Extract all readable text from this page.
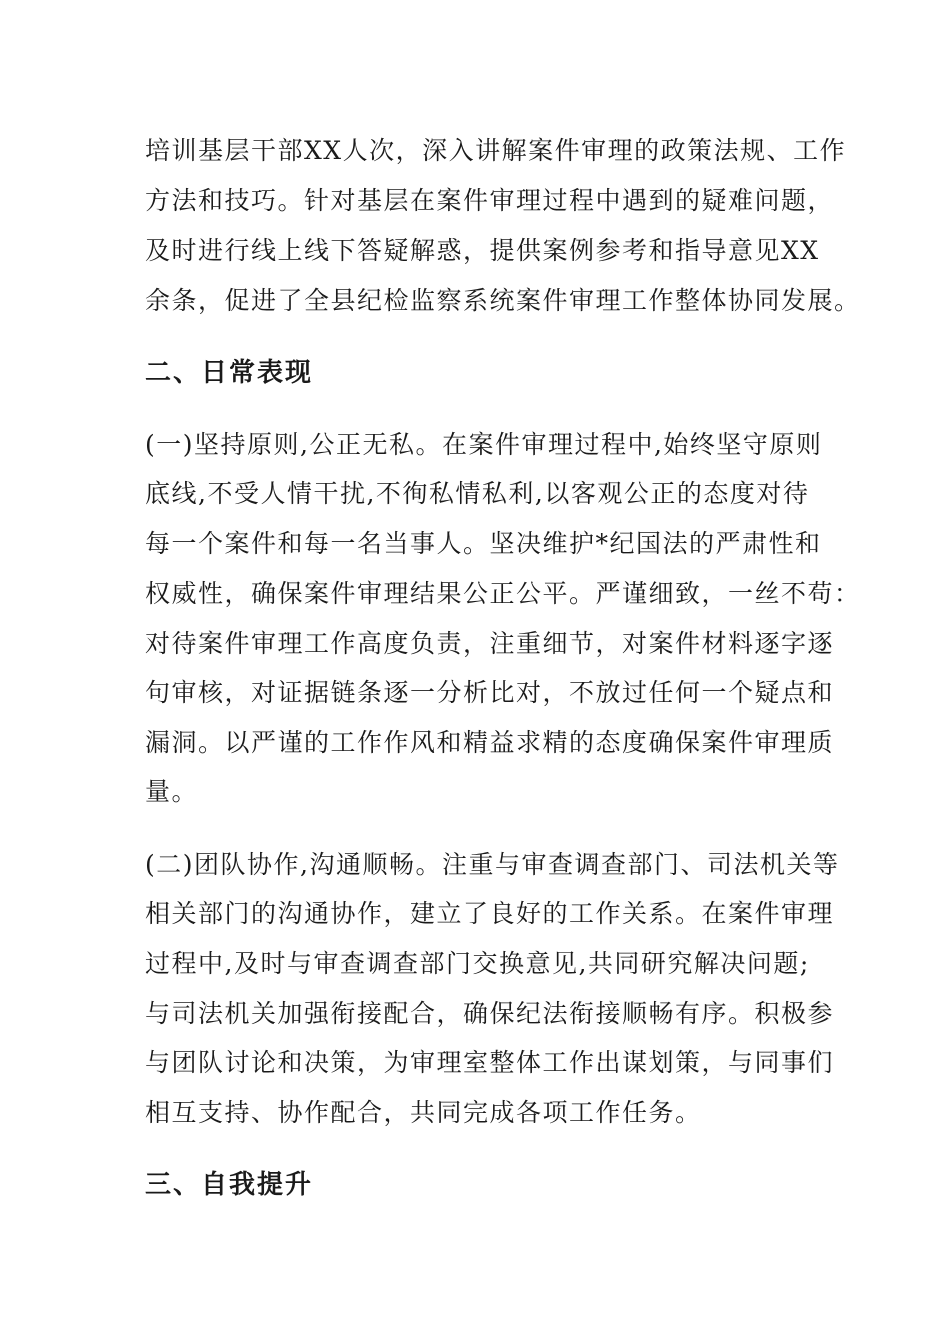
培训基层干部XX人次，深入讲解案件审理的政策法规、工作
方法和技巧。针对基层在案件审理过程中遇到的疑难问题，
及时进行线上线下答疑解惑，提供案例参考和指导意见XX
余条，促进了全县纪检监察系统案件审理工作整体协同发展。
二、日常表现
(一)坚持原则,公正无私。在案件审理过程中,始终坚守原则
底线,不受人情干扰,不徇私情私利,以客观公正的态度对待
每一个案件和每一名当事人。坚决维护*纪国法的严肃性和
权威性，确保案件审理结果公正公平。严谨细致，一丝不苟：
对待案件审理工作高度负责，注重细节，对案件材料逐字逐
句审核，对证据链条逐一分析比对，不放过任何一个疑点和
漏洞。以严谨的工作作风和精益求精的态度确保案件审理质
量。
(二)团队协作,沟通顺畅。注重与审查调查部门、司法机关等
相关部门的沟通协作，建立了良好的工作关系。在案件审理
过程中,及时与审查调查部门交换意见,共同研究解决问题;
与司法机关加强衔接配合，确保纪法衔接顺畅有序。积极参
与团队讨论和决策，为审理室整体工作出谋划策，与同事们
相互支持、协作配合，共同完成各项工作任务。
三、自我提升
